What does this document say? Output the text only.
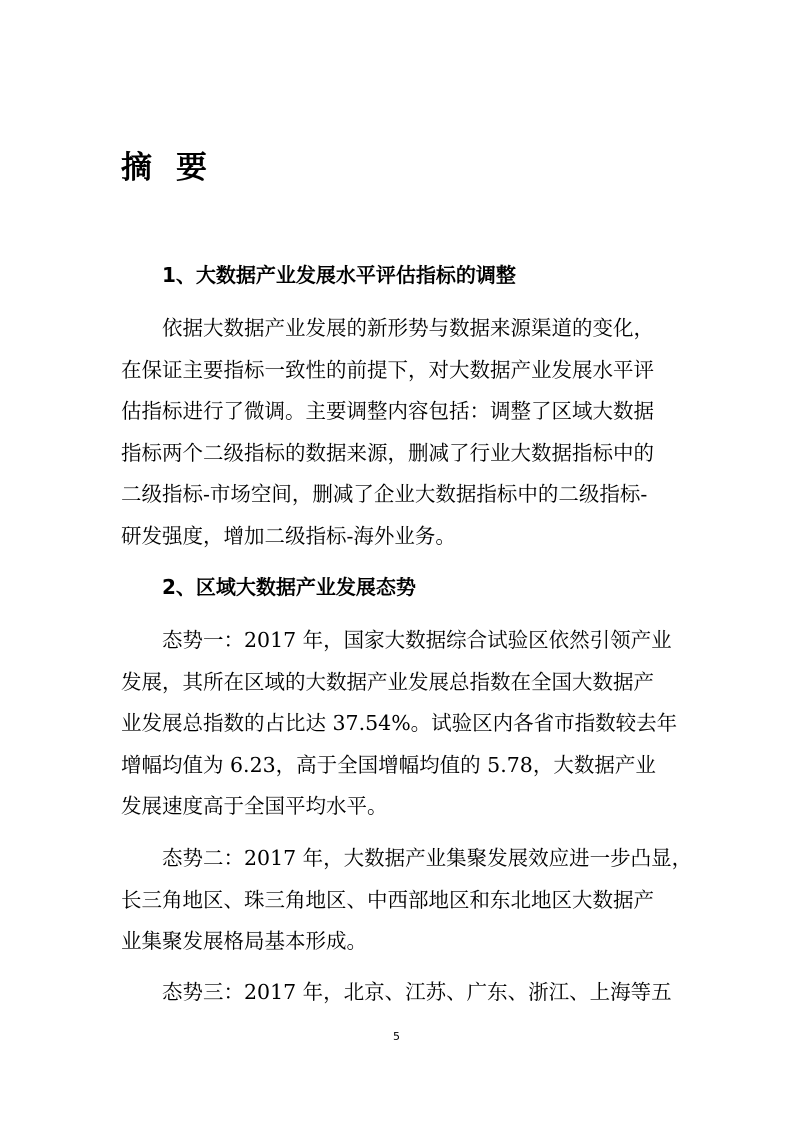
摘 要
1、大数据产业发展水平评估指标的调整
依据大数据产业发展的新形势与数据来源渠道的变化，
在保证主要指标一致性的前提下，对大数据产业发展水平评
估指标进行了微调。主要调整内容包括：调整了区域大数据
指标两个二级指标的数据来源，删减了行业大数据指标中的
二级指标-市场空间，删减了企业大数据指标中的二级指标-
研发强度，增加二级指标-海外业务。
2、区域大数据产业发展态势
态势一：2017 年，国家大数据综合试验区依然引领产业
发展，其所在区域的大数据产业发展总指数在全国大数据产
业发展总指数的占比达 37.54%。试验区内各省市指数较去年
增幅均值为 6.23，高于全国增幅均值的 5.78，大数据产业
发展速度高于全国平均水平。
态势二：2017 年，大数据产业集聚发展效应进一步凸显，
长三角地区、珠三角地区、中西部地区和东北地区大数据产
业集聚发展格局基本形成。
态势三：2017 年，北京、江苏、广东、浙江、上海等五
5
